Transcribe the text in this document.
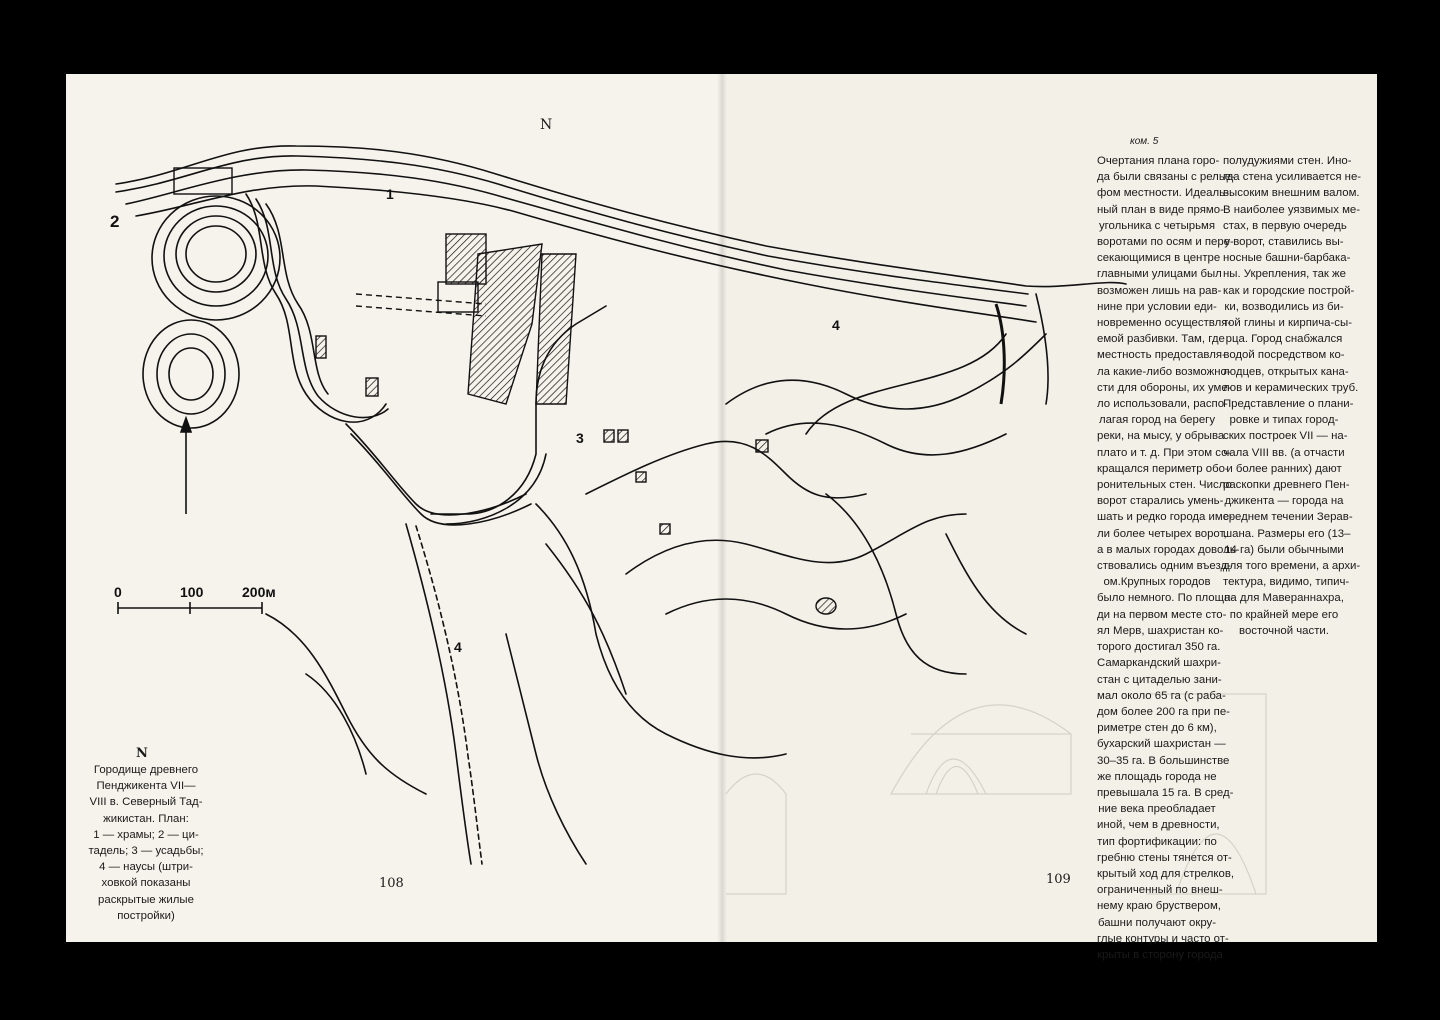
2
1
3
4
4
0	100	200м
N
N
Городище древнего
Пенджикента VII—
VIII в. Северный Тад-
жикистан. План:
1 — храмы; 2 — ци-
тадель; 3 — усадьбы;
4 — наусы (штри-
ховкой показаны
раскрытые жилые
постройки)
108	109
ком. 5
Очертания плана горо-
да были связаны с релье-
фом местности. Идеаль-
ный план в виде прямо-
угольника с четырьмя
воротами по осям и пере-
секающимися в центре
главными улицами был
возможен лишь на рав-
нине при условии еди-
новременно осуществля-
емой разбивки. Там, где
местность предоставля-
ла какие-либо возможно-
сти для обороны, их уме-
ло использовали, распо-
лагая город на берегу
реки, на мысу, у обрыва
плато и т. д. При этом со-
кращался периметр обо-
ронительных стен. Число
ворот старались умень-
шать и редко города име-
ли более четырех ворот,
а в малых городах доволь-
ствовались одним въезд-
ом.Крупных городов
было немного. По площа-
ди на первом месте сто-
ял Мерв, шахристан ко-
торого достигал 350 га.
Самаркандский шахри-
стан с цитаделью зани-
мал около 65 га (с раба-
дом более 200 га при пе-
риметре стен до 6 км),
бухарский шахристан —
30–35 га. В большинстве
же площадь города не
превышала 15 га. В сред-
ние века преобладает
иной, чем в древности,
тип фортификации: по
гребню стены тянется от-
крытый ход для стрелков,
ограниченный по внеш-
нему краю брустверoм,
башни получают окру-
глые контуры и часто от-
крыты в сторону города
полудужиями стен. Ино-
гда стена усиливается не-
высоким внешним валом.
В наиболее уязвимых ме-
стах, в первую очередь
у ворот, ставились вы-
носные башни-барбака-
ны. Укрепления, так же
как и городские построй-
ки, возводились из би-
той глины и кирпича-сы-
рца. Город снабжался
водой посредством ко-
лодцев, открытых кана-
лов и керамических труб.
Представление о плани-
ровке и типах город-
ских построек VII — на-
чала VIII вв. (а отчасти
и более ранних) дают
раскопки древнего Пен-
джикента — города на
среднем течении Зерав-
шана. Размеры его (13–
14 га) были обычными
для того времени, а архи-
тектура, видимо, типич-
на для Мавераннахра,
по крайней мере его
восточной части.
